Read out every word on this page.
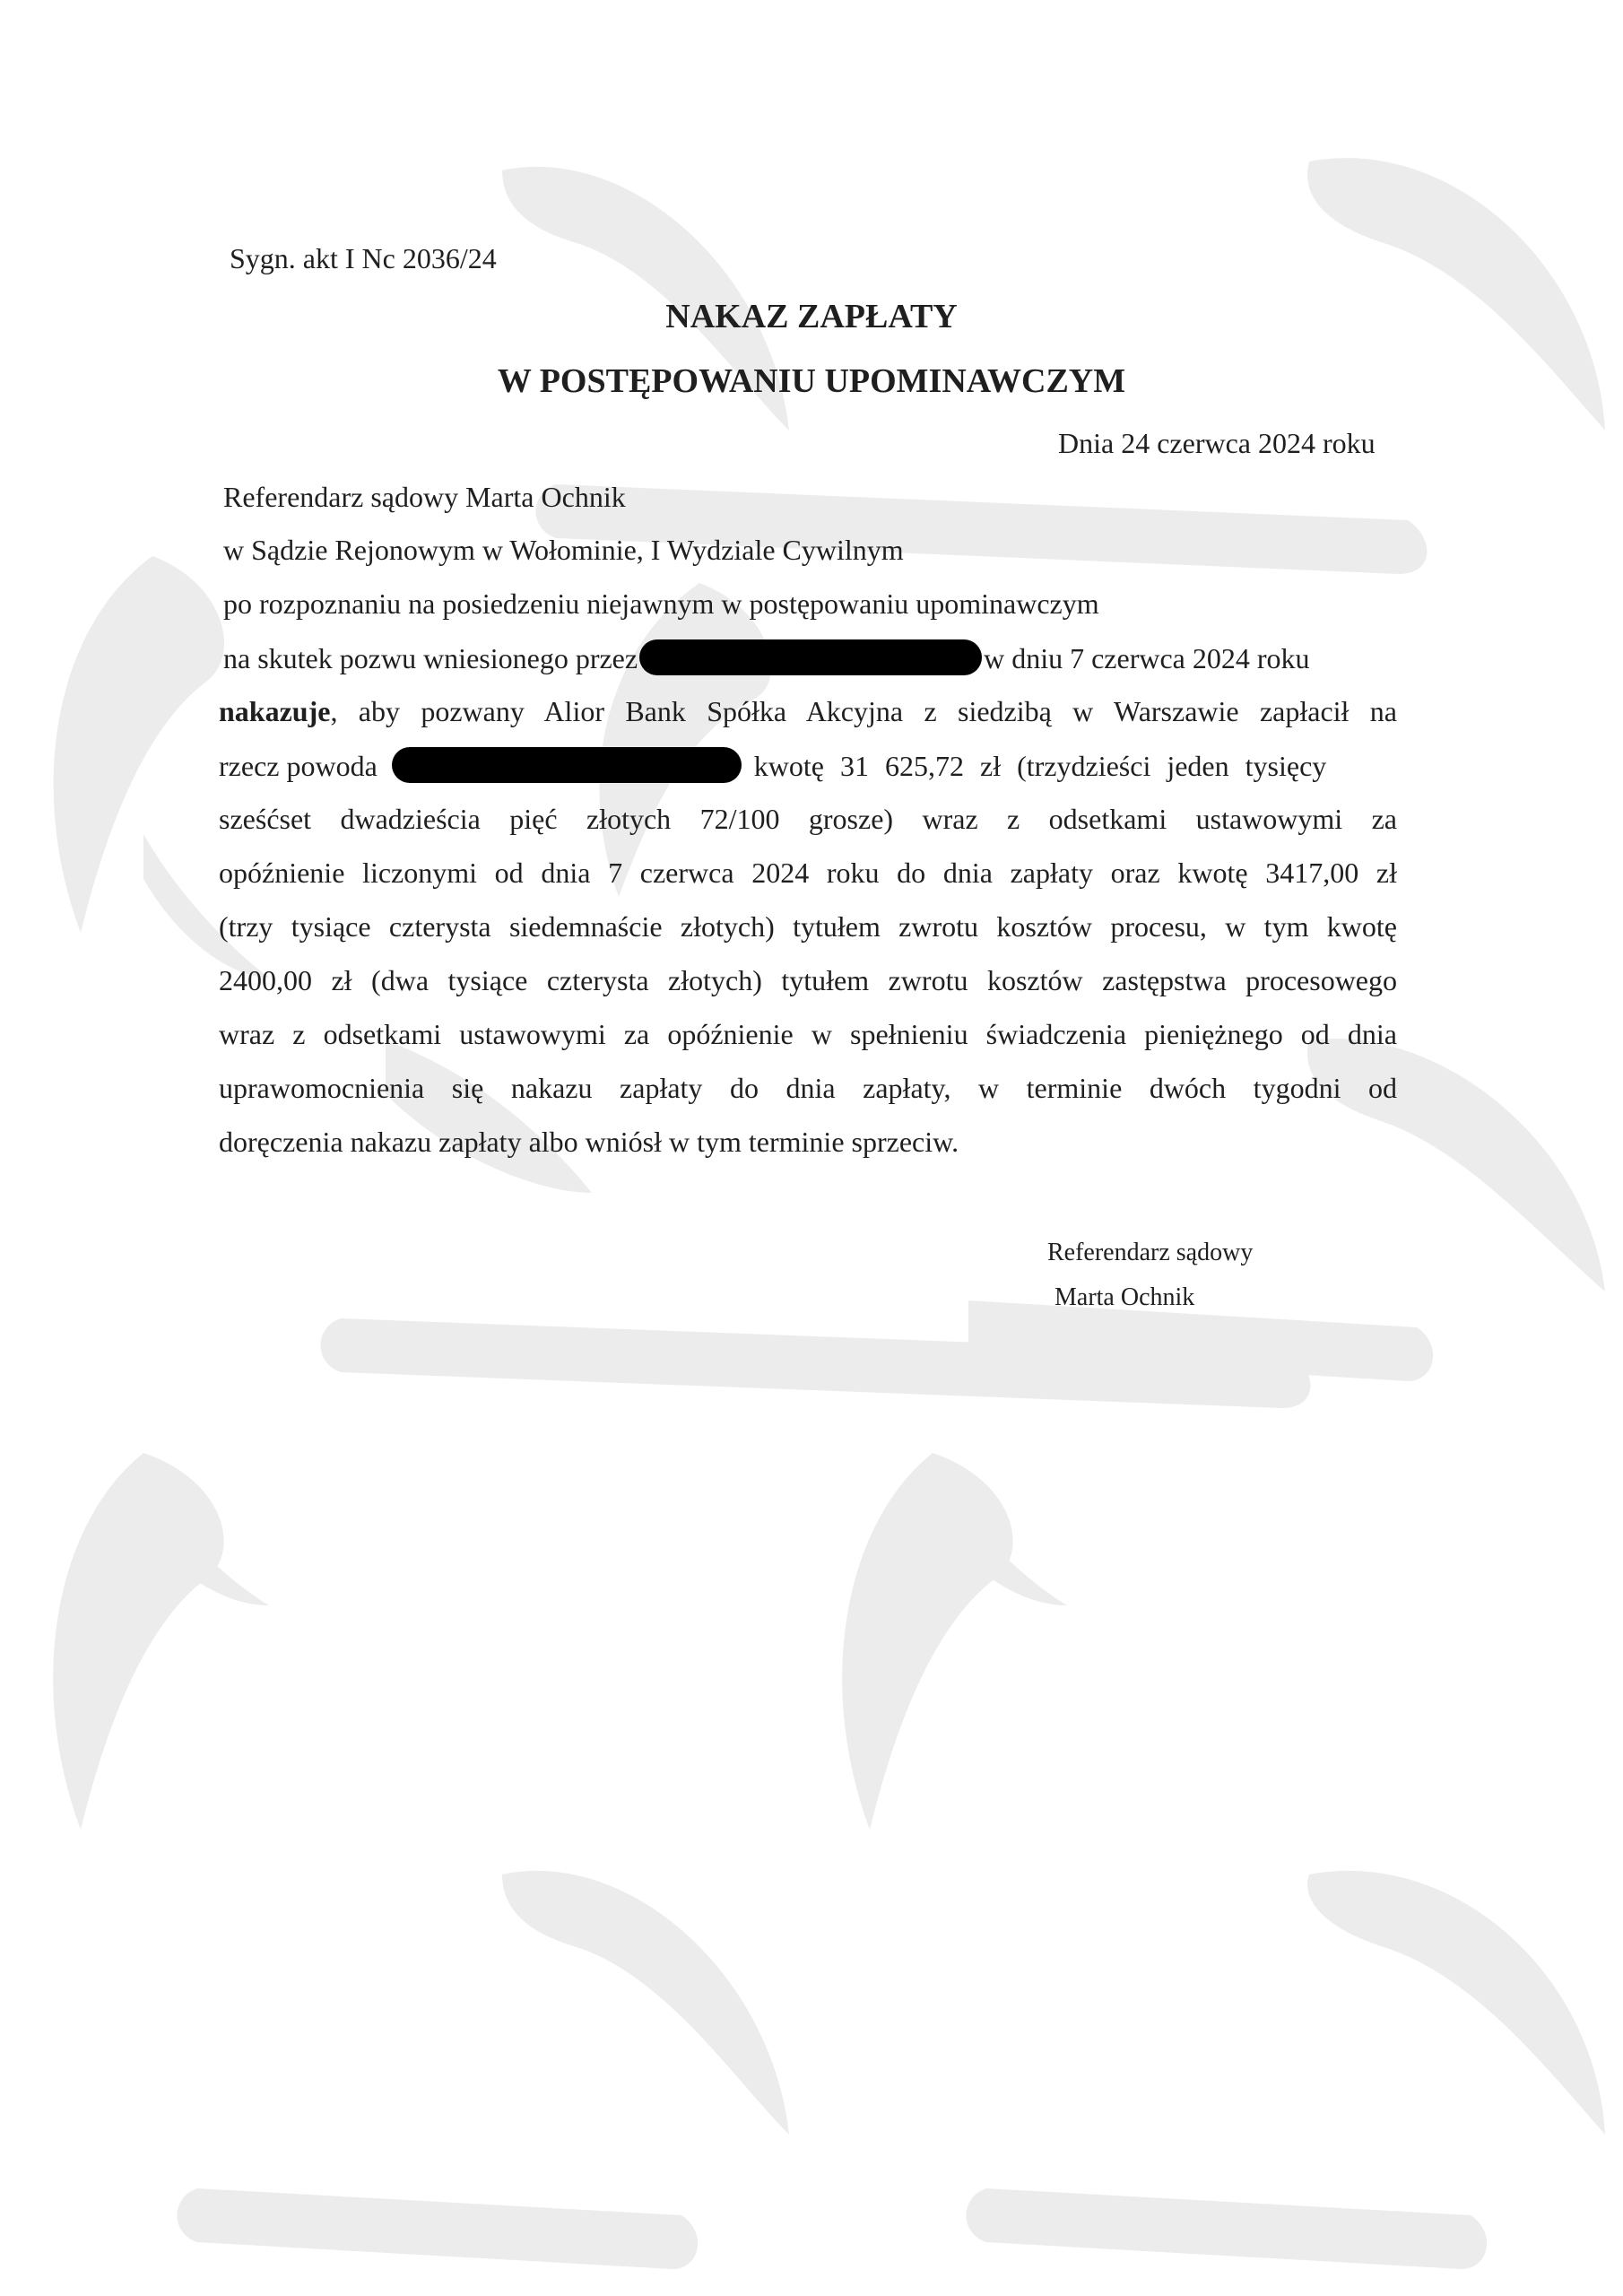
Sygn. akt I Nc 2036/24
NAKAZ ZAPŁATY
W POSTĘPOWANIU UPOMINAWCZYM
Dnia 24 czerwca 2024 roku
Referendarz sądowy Marta Ochnik
w Sądzie Rejonowym w Wołominie, I Wydziale Cywilnym
po rozpoznaniu na posiedzeniu niejawnym w postępowaniu upominawczym
na skutek pozwu wniesionego przez	w dniu 7 czerwca 2024 roku
nakazuje, aby pozwany Alior Bank Spółka Akcyjna z siedzibą w Warszawie zapłacił na
rzecz powoda	kwotę 31 625,72 zł (trzydzieści jeden tysięcy
sześćset dwadzieścia pięć złotych 72/100 grosze) wraz z odsetkami ustawowymi za
opóźnienie liczonymi od dnia 7 czerwca 2024 roku do dnia zapłaty oraz kwotę 3417,00 zł
(trzy tysiące czterysta siedemnaście złotych) tytułem zwrotu kosztów procesu, w tym kwotę
2400,00 zł (dwa tysiące czterysta złotych) tytułem zwrotu kosztów zastępstwa procesowego
wraz z odsetkami ustawowymi za opóźnienie w spełnieniu świadczenia pieniężnego od dnia
uprawomocnienia się nakazu zapłaty do dnia zapłaty, w terminie dwóch tygodni od
doręczenia nakazu zapłaty albo wniósł w tym terminie sprzeciw.
Referendarz sądowy
Marta Ochnik
